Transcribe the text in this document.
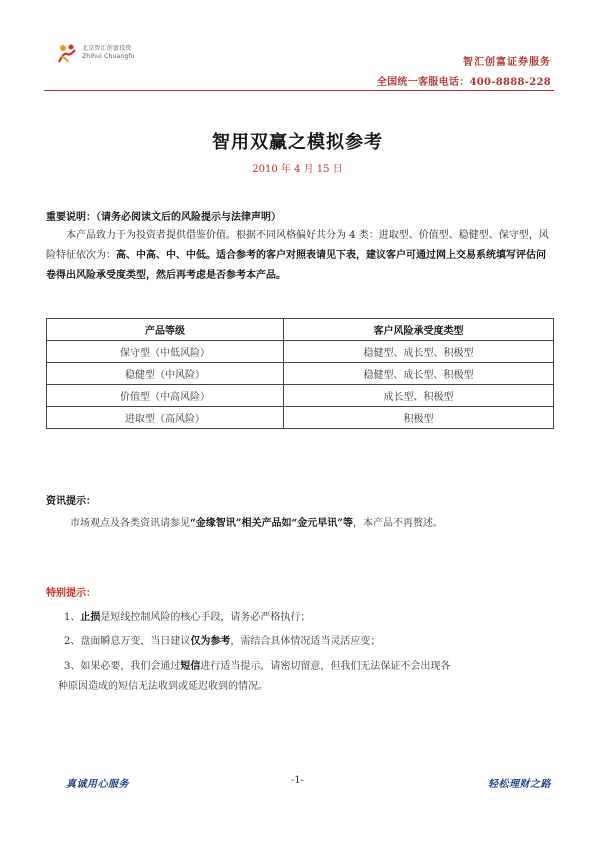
北京智汇创富投资
Zhihui Chuangfu
智汇创富证券服务
全国统一客服电话：400-8888-228
智用双赢之模拟参考
2010 年 4 月 15 日
重要说明：（请务必阅读文后的风险提示与法律声明）
本产品致力于为投资者提供借鉴价值。根据不同风格偏好共分为 4 类：进取型、价值型、稳健型、保守型，风险特征依次为：高、中高、中、中低。适合参考的客户对照表请见下表，建议客户可通过网上交易系统填写评估问卷得出风险承受度类型，然后再考虑是否参考本产品。
产品等级	客户风险承受度类型
保守型（中低风险）	稳健型、成长型、积极型
稳健型（中风险）	稳健型、成长型、积极型
价值型（中高风险）	成长型、积极型
进取型（高风险）	积极型
资讯提示：
市场观点及各类资讯请参见“金缘智讯”相关产品如“金元早讯”等，本产品不再赘述。
特别提示：
1、止损是短线控制风险的核心手段，请务必严格执行；
2、盘面瞬息万变，当日建议仅为参考，需结合具体情况适当灵活应变；
3、如果必要，我们会通过短信进行适当提示，请密切留意，但我们无法保证不会出现各
种原因造成的短信无法收到或延迟收到的情况。
真诚用心服务	-1-	轻松理财之路
